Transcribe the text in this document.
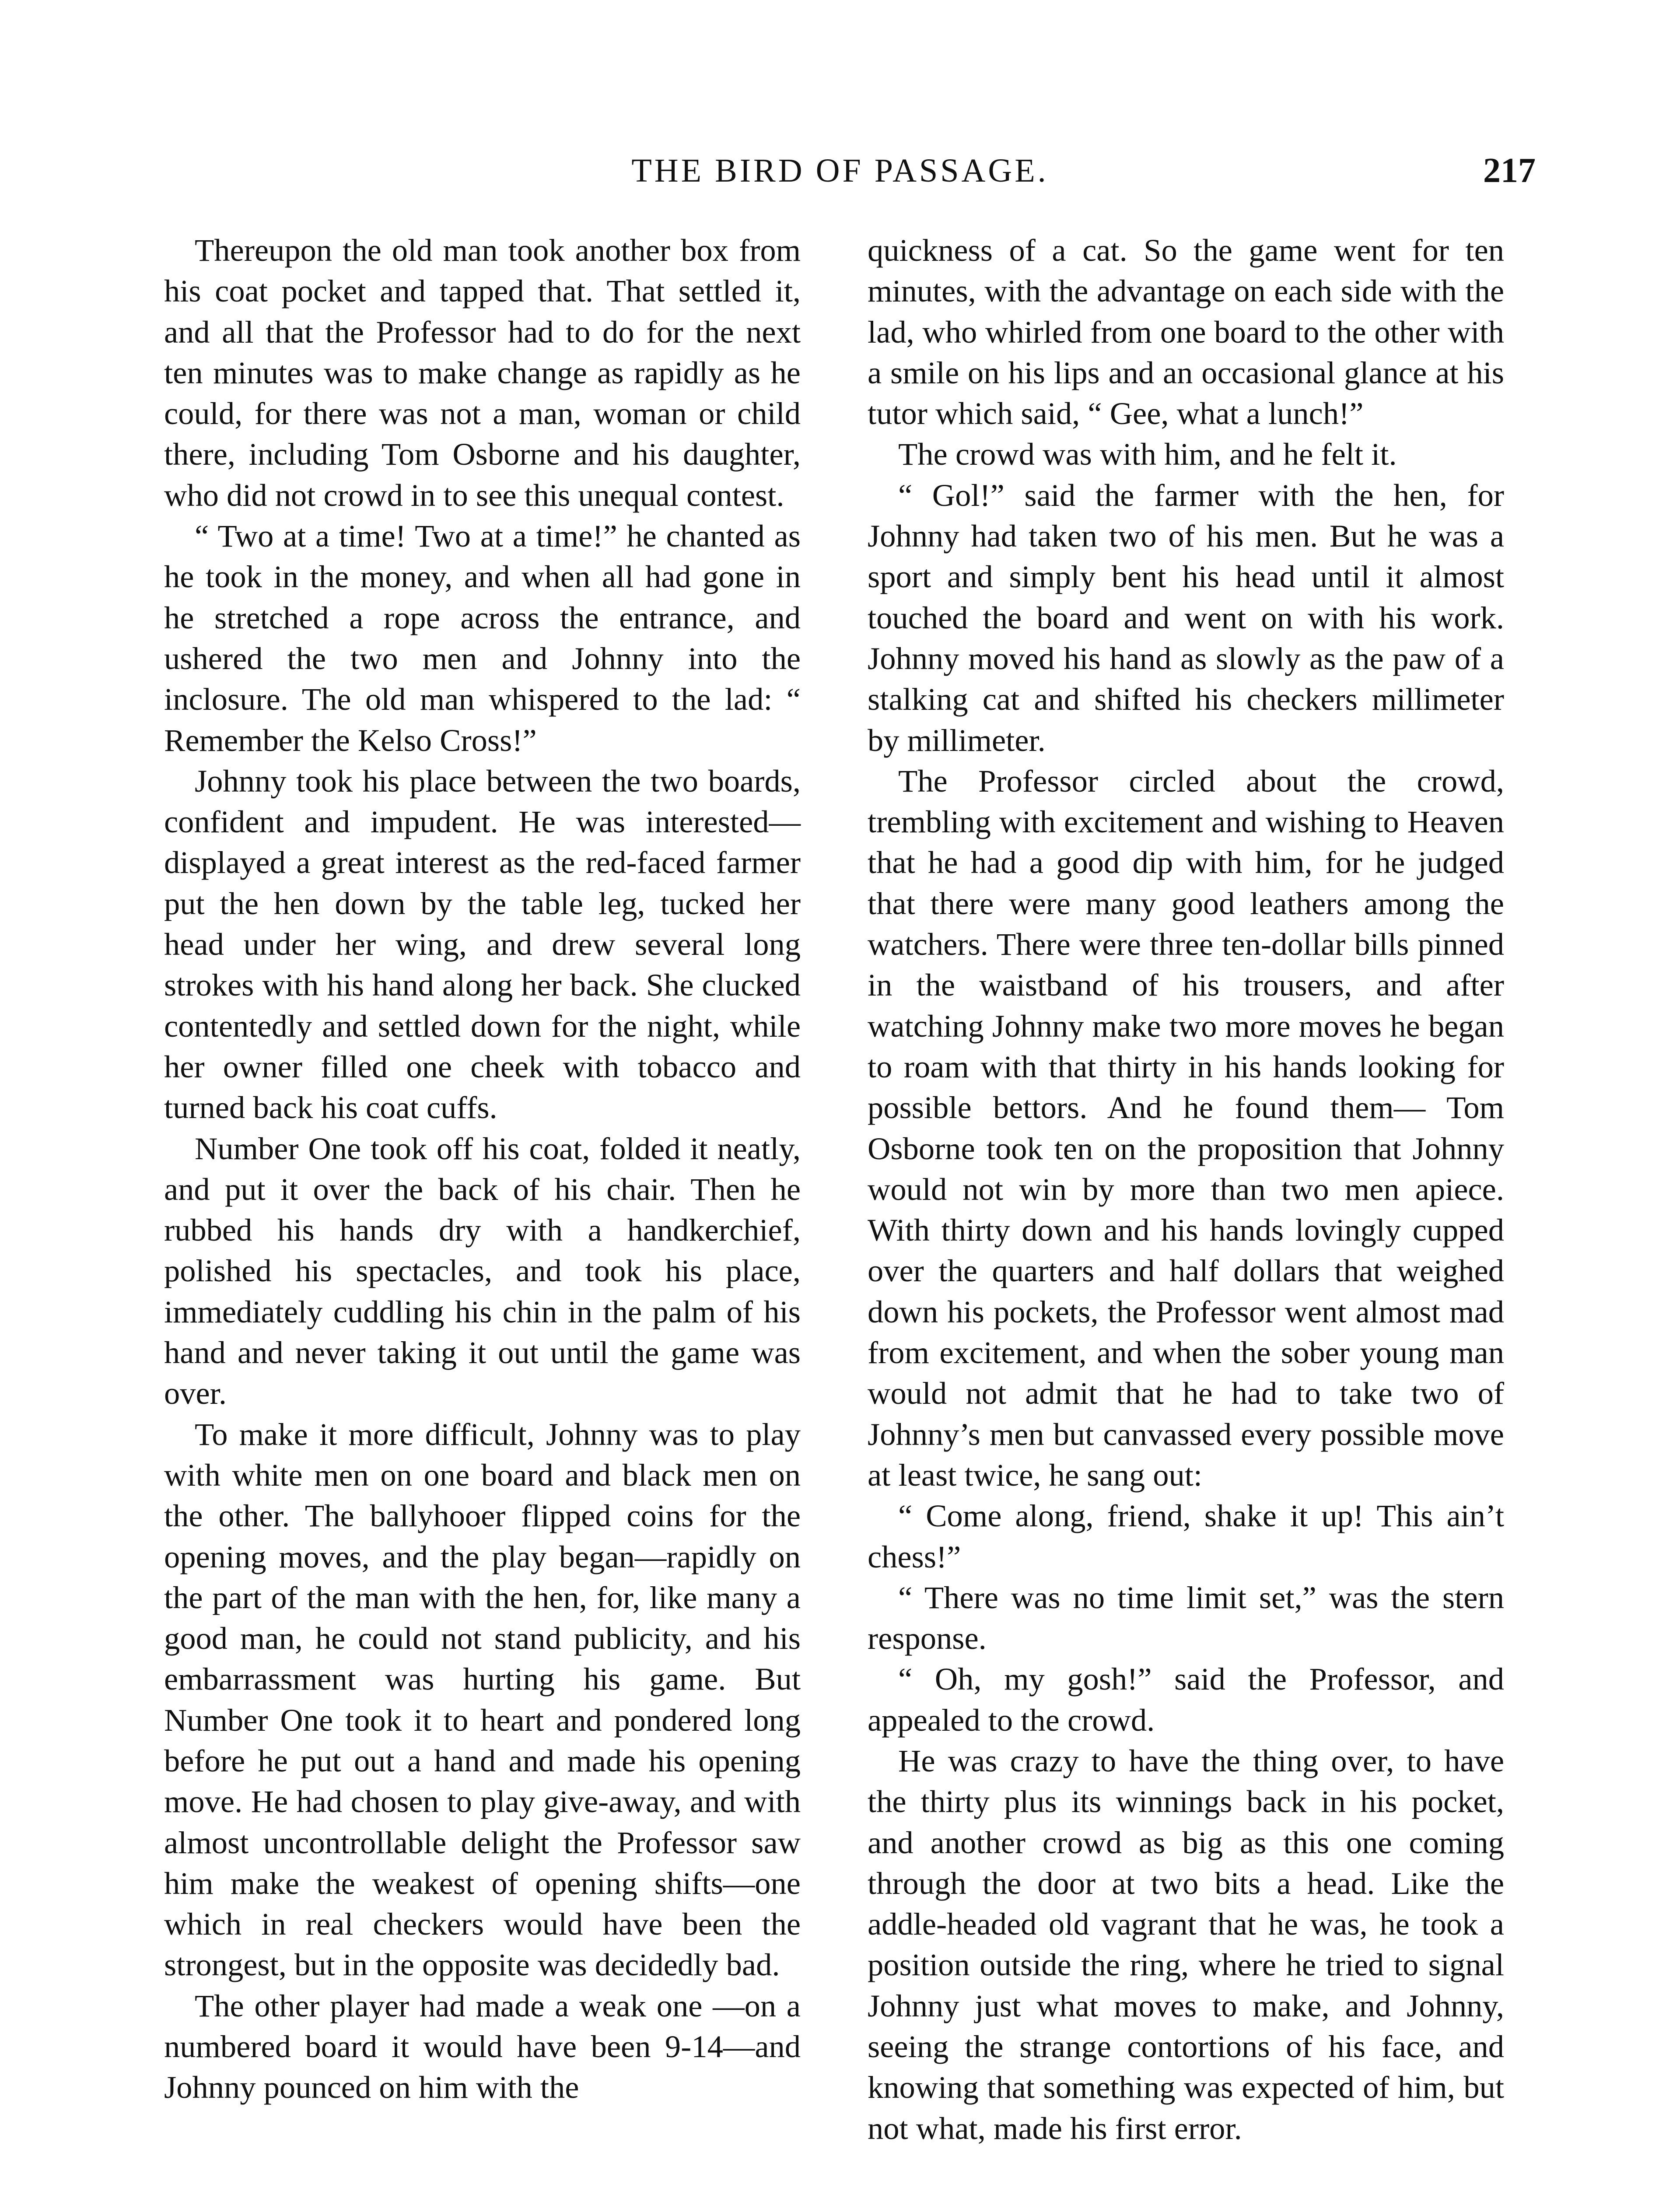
THE BIRD OF PASSAGE.	217

Thereupon the old man took another box from his coat pocket and tapped that. That settled it, and all that the Professor had to do for the next ten minutes was to make change as rapidly as he could, for there was not a man, woman or child there, including Tom Osborne and his daughter, who did not crowd in to see this unequal contest.

“ Two at a time! Two at a time!” he chanted as he took in the money, and when all had gone in he stretched a rope across the entrance, and ushered the two men and Johnny into the inclosure. The old man whispered to the lad: “ Remember the Kelso Cross!”

Johnny took his place between the two boards, confident and impudent. He was interested—displayed a great interest as the red-faced farmer put the hen down by the table leg, tucked her head under her wing, and drew several long strokes with his hand along her back. She clucked contentedly and settled down for the night, while her owner filled one cheek with tobacco and turned back his coat cuffs.

Number One took off his coat, folded it neatly, and put it over the back of his chair. Then he rubbed his hands dry with a handkerchief, polished his spectacles, and took his place, immediately cuddling his chin in the palm of his hand and never taking it out until the game was over.

To make it more difficult, Johnny was to play with white men on one board and black men on the other. The ballyhooer flipped coins for the opening moves, and the play began—rapidly on the part of the man with the hen, for, like many a good man, he could not stand publicity, and his embarrassment was hurting his game. But Number One took it to heart and pondered long before he put out a hand and made his opening move. He had chosen to play give-away, and with almost uncontrollable delight the Professor saw him make the weakest of opening shifts—one which in real checkers would have been the strongest, but in the opposite was decidedly bad.

The other player had made a weak one —on a numbered board it would have been 9-14—and Johnny pounced on him with the

quickness of a cat. So the game went for ten minutes, with the advantage on each side with the lad, who whirled from one board to the other with a smile on his lips and an occasional glance at his tutor which said, “ Gee, what a lunch!”

The crowd was with him, and he felt it.

“ Gol!” said the farmer with the hen, for Johnny had taken two of his men. But he was a sport and simply bent his head until it almost touched the board and went on with his work. Johnny moved his hand as slowly as the paw of a stalking cat and shifted his checkers millimeter by millimeter.

The Professor circled about the crowd, trembling with excitement and wishing to Heaven that he had a good dip with him, for he judged that there were many good leathers among the watchers. There were three ten-dollar bills pinned in the waistband of his trousers, and after watching Johnny make two more moves he began to roam with that thirty in his hands looking for possible bettors. And he found them— Tom Osborne took ten on the proposition that Johnny would not win by more than two men apiece. With thirty down and his hands lovingly cupped over the quarters and half dollars that weighed down his pockets, the Professor went almost mad from excitement, and when the sober young man would not admit that he had to take two of Johnny’s men but canvassed every possible move at least twice, he sang out:

“ Come along, friend, shake it up! This ain’t chess!”

“ There was no time limit set,” was the stern response.

“ Oh, my gosh!” said the Professor, and appealed to the crowd.

He was crazy to have the thing over, to have the thirty plus its winnings back in his pocket, and another crowd as big as this one coming through the door at two bits a head. Like the addle-headed old vagrant that he was, he took a position outside the ring, where he tried to signal Johnny just what moves to make, and Johnny, seeing the strange contortions of his face, and knowing that something was expected of him, but not what, made his first error.
